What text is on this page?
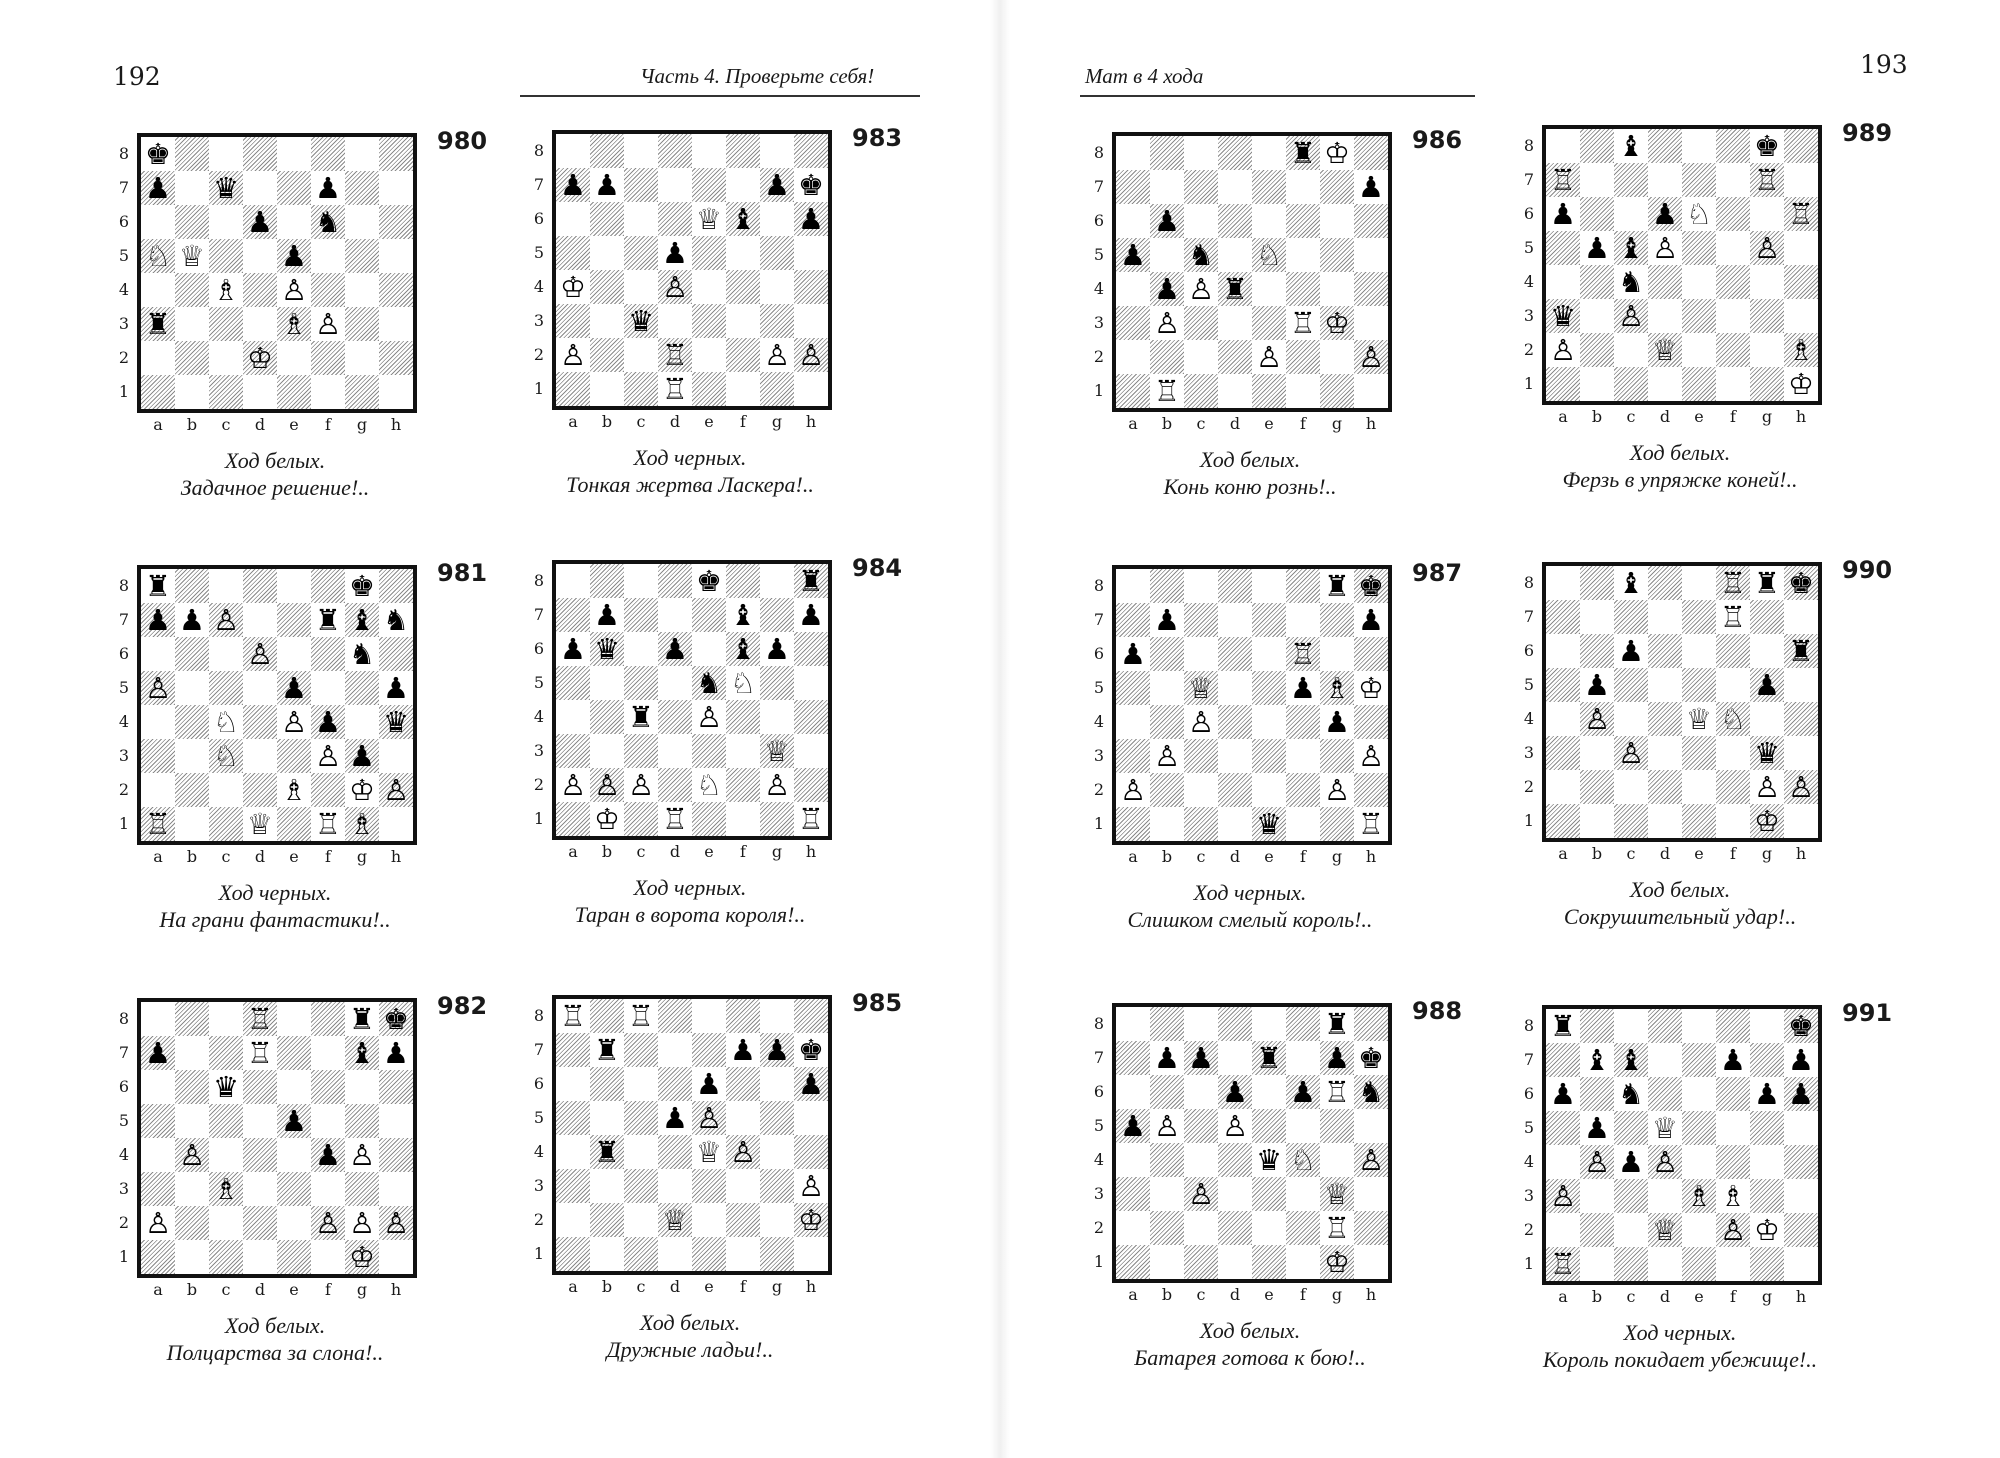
192	Часть 4. Проверьте себя!	Мат в 4 хода	193
8
7
6
5
4
3
2
1
♚
♟ ♛	♟
♟ ♞
♘ ♕	♟
♗ ♙
♜	♗ ♙
♔
a	b	c	d	e	f	g	h
980
Ход белых.
Задачное решение!..
8
7
6
5
4
3
2
1
♟ ♟	♟ ♚
♕ ♝ ♟
♟
♔	♙
♛
♙	♖	♙ ♙
♖
a	b	c	d	e	f	g	h
983
Ход черных.
Тонкая жертва Ласкера!..
8
7
6
5
4
3
2
1
♜	♚
♟ ♟ ♙	♜ ♝ ♞
♙	♞
♙	♟	♟
♘ ♙ ♟ ♛
♘	♙ ♟
♗ ♔ ♙
♖	♕ ♖ ♗
a	b	c	d	e	f	g	h
981
Ход черных.
На грани фантастики!..
8
7
6
5
4
3
2
1
♚	♜
♟	♝ ♟
♟ ♛ ♟ ♝ ♟
♞ ♘
♜ ♙
♕
♙ ♙ ♙ ♘ ♙
♔ ♖	♖
a	b	c	d	e	f	g	h
984
Ход черных.
Таран в ворота короля!..
8
7
6
5
4
3
2
1
♖	♜ ♚
♟	♖	♝ ♟
♛
♟
♙	♟ ♙
♗
♙	♙ ♙ ♙
♔
a	b	c	d	e	f	g	h
982
Ход белых.
Полцарства за слона!..
8
7
6
5
4
3
2
1
♖ ♖
♜	♟ ♟ ♚
♟	♟
♟ ♙
♜	♕ ♙
♙
♕	♔
a	b	c	d	e	f	g	h
985
Ход белых.
Дружные ладьи!..
8
7
6
5
4
3
2
1
♜ ♔
♟
♟
♟ ♞ ♘
♟ ♙ ♜
♙	♖ ♔
♙	♙
♖
a	b	c	d	e	f	g	h
986
Ход белых.
Конь коню рознь!..
8
7
6
5
4
3
2
1
♝	♚
♖	♖
♟	♟ ♘	♖
♟ ♝ ♙	♙
♞
♛ ♙
♙	♕	♗
♔
a	b	c	d	e	f	g	h
989
Ход белых.
Ферзь в упряжке коней!..
8
7
6
5
4
3
2
1
♜ ♚
♟	♟
♟	♖
♕	♟ ♗ ♔
♙	♟
♙	♙
♙	♙
♛	♖
a	b	c	d	e	f	g	h
987
Ход черных.
Слишком смелый король!..
8
7
6
5
4
3
2
1
♝	♖ ♜ ♚
♖
♟	♜
♟	♟
♙	♕ ♘
♙	♛
♙ ♙
♔
a	b	c	d	e	f	g	h
990
Ход белых.
Сокрушительный удар!..
8
7
6
5
4
3
2
1
♜
♟ ♟ ♜ ♟ ♚
♟ ♟ ♖ ♞
♟ ♙ ♙
♛ ♘ ♙
♙	♕
♖
♔
a	b	c	d	e	f	g	h
988
Ход белых.
Батарея готова к бою!..
8
7
6
5
4
3
2
1
♜	♚
♝ ♝	♟ ♟
♟ ♞	♟ ♟
♟ ♕
♙ ♟ ♙
♙	♗ ♗
♕ ♙ ♔
♖
a	b	c	d	e	f	g	h
991
Ход черных.
Король покидает убежище!..
